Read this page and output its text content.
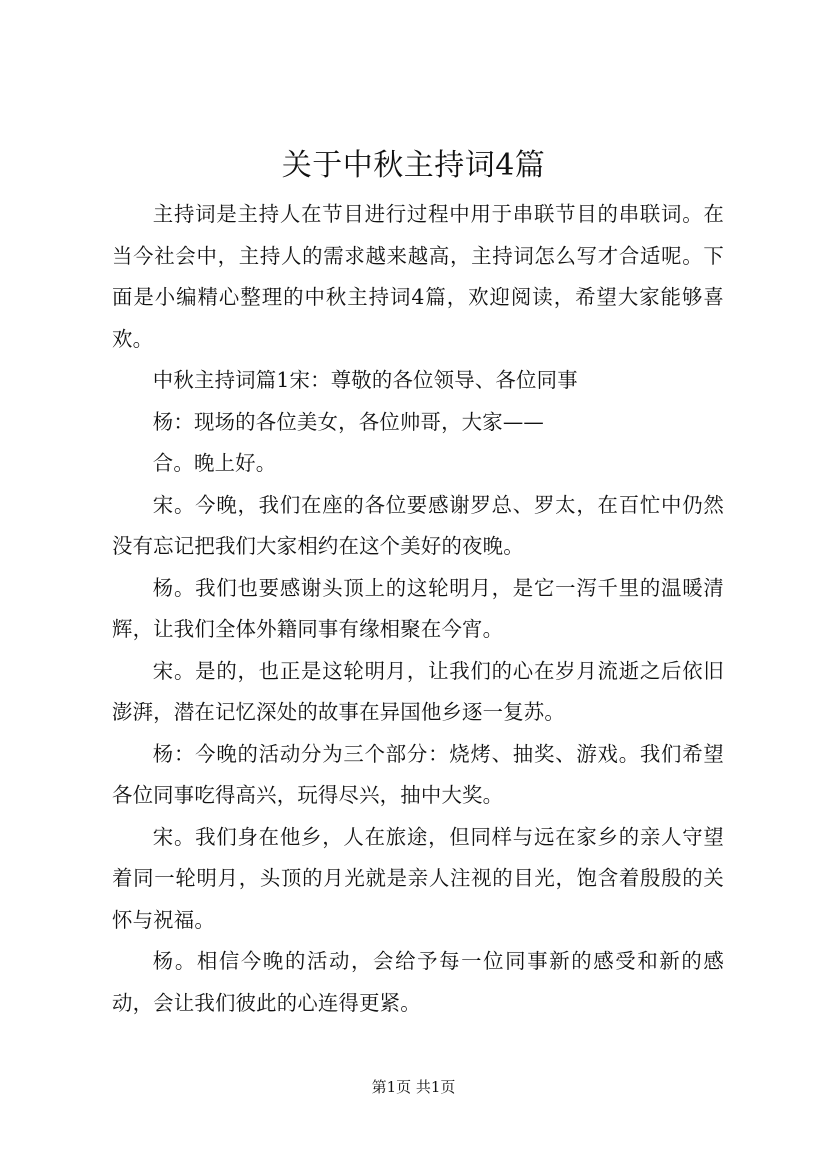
关于中秋主持词4篇

主持词是主持人在节目进行过程中用于串联节目的串联词。在当今社会中，主持人的需求越来越高，主持词怎么写才合适呢。下面是小编精心整理的中秋主持词4篇，欢迎阅读，希望大家能够喜欢。

中秋主持词篇1宋：尊敬的各位领导、各位同事

杨：现场的各位美女，各位帅哥，大家——

合。晚上好。

宋。今晚，我们在座的各位要感谢罗总、罗太，在百忙中仍然没有忘记把我们大家相约在这个美好的夜晚。

杨。我们也要感谢头顶上的这轮明月，是它一泻千里的温暖清辉，让我们全体外籍同事有缘相聚在今宵。

宋。是的，也正是这轮明月，让我们的心在岁月流逝之后依旧澎湃，潜在记忆深处的故事在异国他乡逐一复苏。

杨：今晚的活动分为三个部分：烧烤、抽奖、游戏。我们希望各位同事吃得高兴，玩得尽兴，抽中大奖。

宋。我们身在他乡，人在旅途，但同样与远在家乡的亲人守望着同一轮明月，头顶的月光就是亲人注视的目光，饱含着殷殷的关怀与祝福。

杨。相信今晚的活动，会给予每一位同事新的感受和新的感动，会让我们彼此的心连得更紧。

第1页 共1页
